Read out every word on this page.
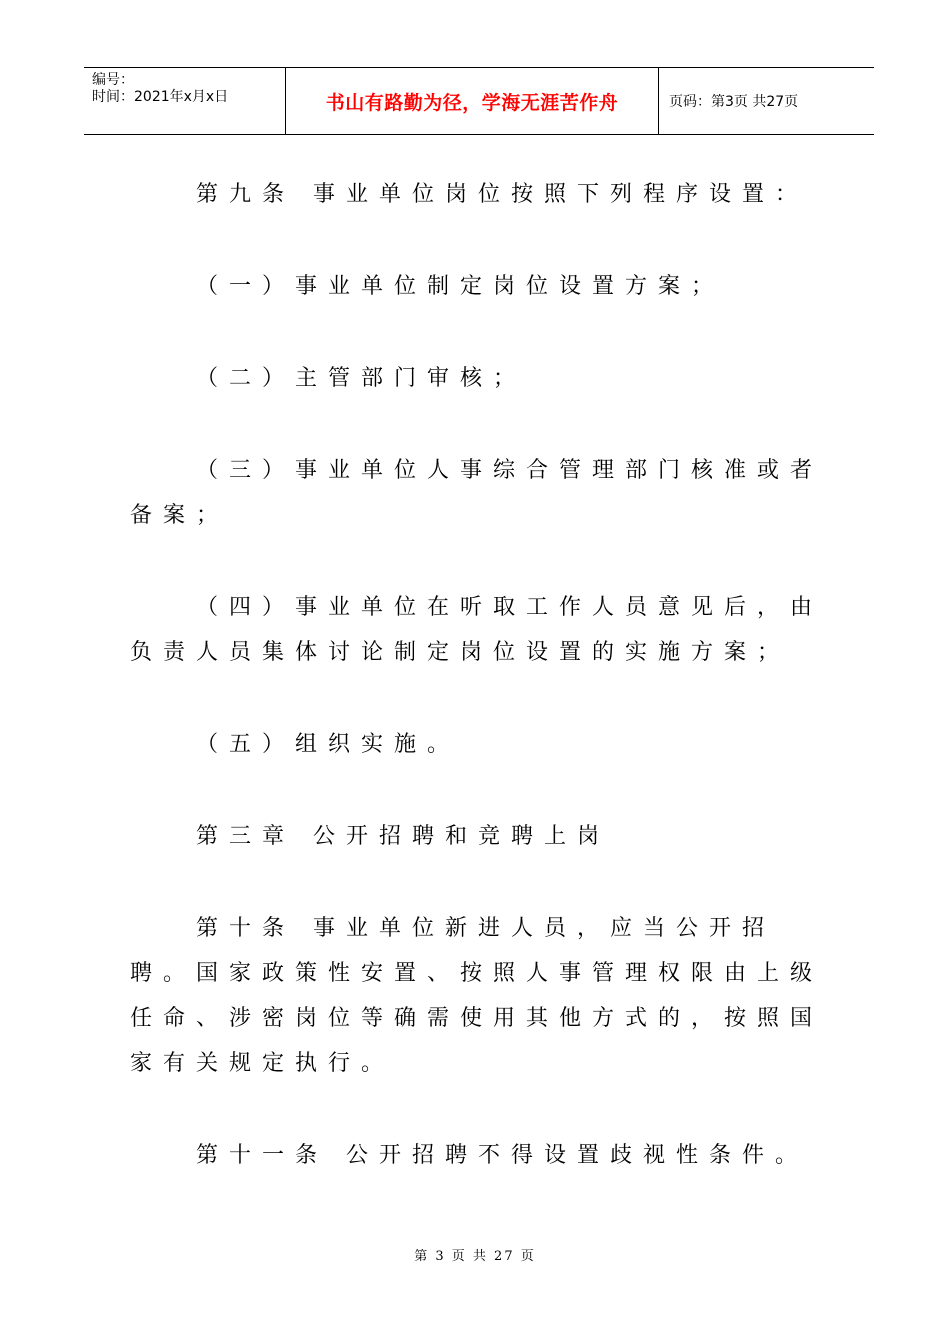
编号：
时间：2021年x月x日	书山有路勤为径，学海无涯苦作舟	页码：第3页 共27页

第九条 事业单位岗位按照下列程序设置：

（一）事业单位制定岗位设置方案；

（二）主管部门审核；

（三）事业单位人事综合管理部门核准或者备案；

（四）事业单位在听取工作人员意见后，由负责人员集体讨论制定岗位设置的实施方案；

（五）组织实施。

第三章 公开招聘和竞聘上岗

第十条 事业单位新进人员，应当公开招聘。国家政策性安置、按照人事管理权限由上级任命、涉密岗位等确需使用其他方式的，按照国家有关规定执行。

第十一条 公开招聘不得设置歧视性条件。

第 3 页 共 27 页
